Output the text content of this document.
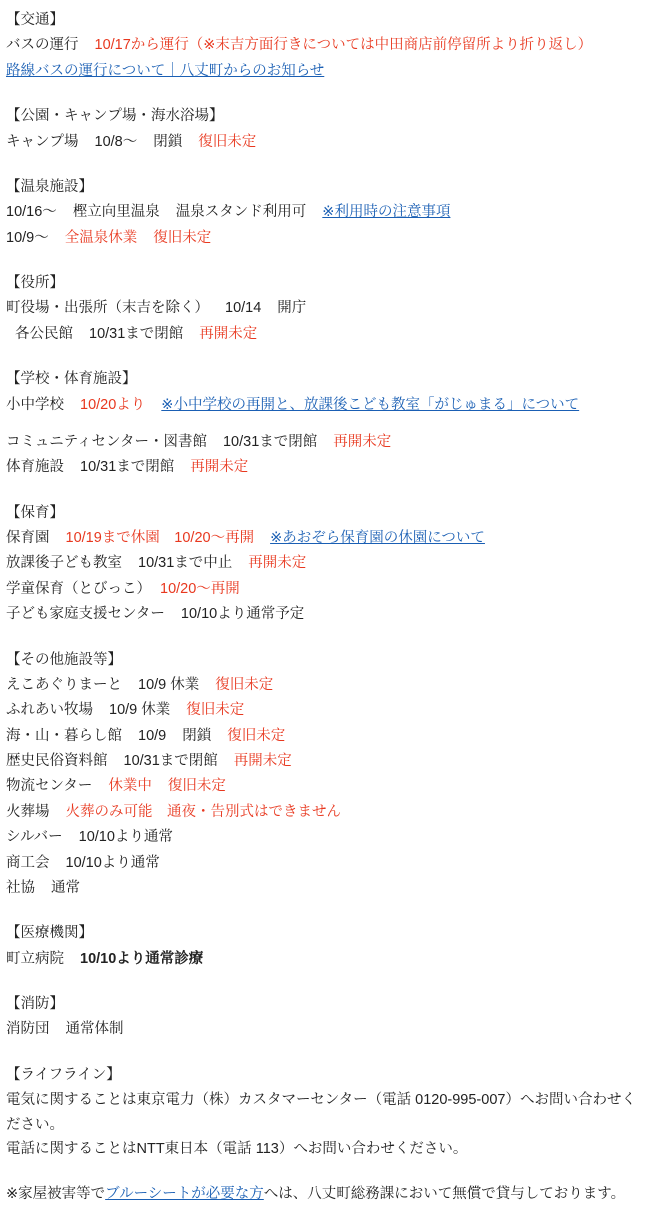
【交通】

バスの運行 10/17から運行（※末吉方面行きについては中田商店前停留所より折り返し）

路線バスの運行について｜八丈町からのお知らせ

【公園・キャンプ場・海水浴場】

キャンプ場 10/8〜 閉鎖 復旧未定

【温泉施設】

10/16〜 樫立向里温泉 温泉スタンド利用可 ※利用時の注意事項

10/9〜 全温泉休業 復旧未定

【役所】

町役場・出張所（末吉を除く） 10/14 開庁

各公民館 10/31まで閉館 再開未定

【学校・体育施設】

小中学校 10/20より ※小中学校の再開と、放課後こども教室「がじゅまる」について

コミュニティセンター・図書館 10/31まで閉館 再開未定

体育施設 10/31まで閉館 再開未定

【保育】

保育園 10/19まで休園　10/20〜再開 ※あおぞら保育園の休園について

放課後子ども教室 10/31まで中止 再開未定

学童保育（とびっこ） 10/20〜再開

子ども家庭支援センター 10/10より通常予定

【その他施設等】

えこあぐりまーと 10/9 休業 復旧未定

ふれあい牧場 10/9 休業 復旧未定

海・山・暮らし館 10/9 閉鎖 復旧未定

歴史民俗資料館 10/31まで閉館 再開未定

物流センター 休業中 復旧未定

火葬場 火葬のみ可能　通夜・告別式はできません

シルバー 10/10より通常

商工会 10/10より通常

社協 通常

【医療機関】

町立病院 10/10より通常診療

【消防】

消防団 通常体制

【ライフライン】

電気に関することは東京電力（株）カスタマーセンター（電話 0120-995-007）へお問い合わせください。

電話に関することはNTT東日本（電話 113）へお問い合わせください。

※家屋被害等でブルーシートが必要な方へは、八丈町総務課において無償で貸与しております。
